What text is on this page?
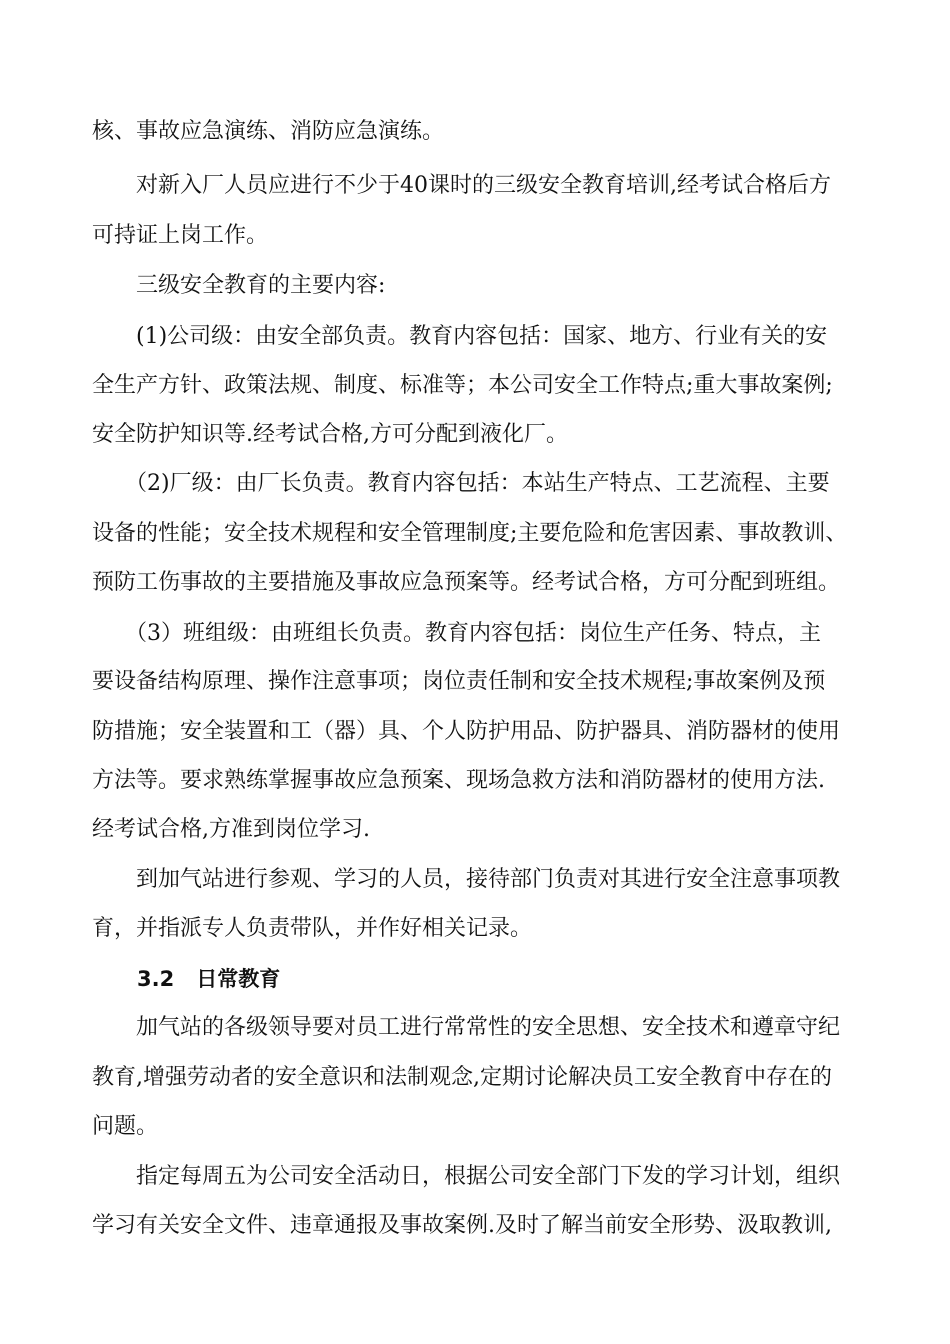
核、事故应急演练、消防应急演练。
　　对新入厂人员应进行不少于40课时的三级安全教育培训,经考试合格后方
可持证上岗工作。
　　三级安全教育的主要内容:
　　(1)公司级：由安全部负责。教育内容包括：国家、地方、行业有关的安
全生产方针、政策法规、制度、标准等；本公司安全工作特点;重大事故案例;
安全防护知识等.经考试合格,方可分配到液化厂。
　　（2)厂级：由厂长负责。教育内容包括：本站生产特点、工艺流程、主要
设备的性能；安全技术规程和安全管理制度;主要危险和危害因素、事故教训、
预防工伤事故的主要措施及事故应急预案等。经考试合格，方可分配到班组。
　　（3）班组级：由班组长负责。教育内容包括：岗位生产任务、特点，主
要设备结构原理、操作注意事项；岗位责任制和安全技术规程;事故案例及预
防措施；安全装置和工（器）具、个人防护用品、防护器具、消防器材的使用
方法等。要求熟练掌握事故应急预案、现场急救方法和消防器材的使用方法.
经考试合格,方准到岗位学习.
　　到加气站进行参观、学习的人员，接待部门负责对其进行安全注意事项教
育，并指派专人负责带队，并作好相关记录。
3.2 日常教育
　　加气站的各级领导要对员工进行常常性的安全思想、安全技术和遵章守纪
教育,增强劳动者的安全意识和法制观念,定期讨论解决员工安全教育中存在的
问题。
　　指定每周五为公司安全活动日，根据公司安全部门下发的学习计划，组织
学习有关安全文件、违章通报及事故案例.及时了解当前安全形势、汲取教训,
